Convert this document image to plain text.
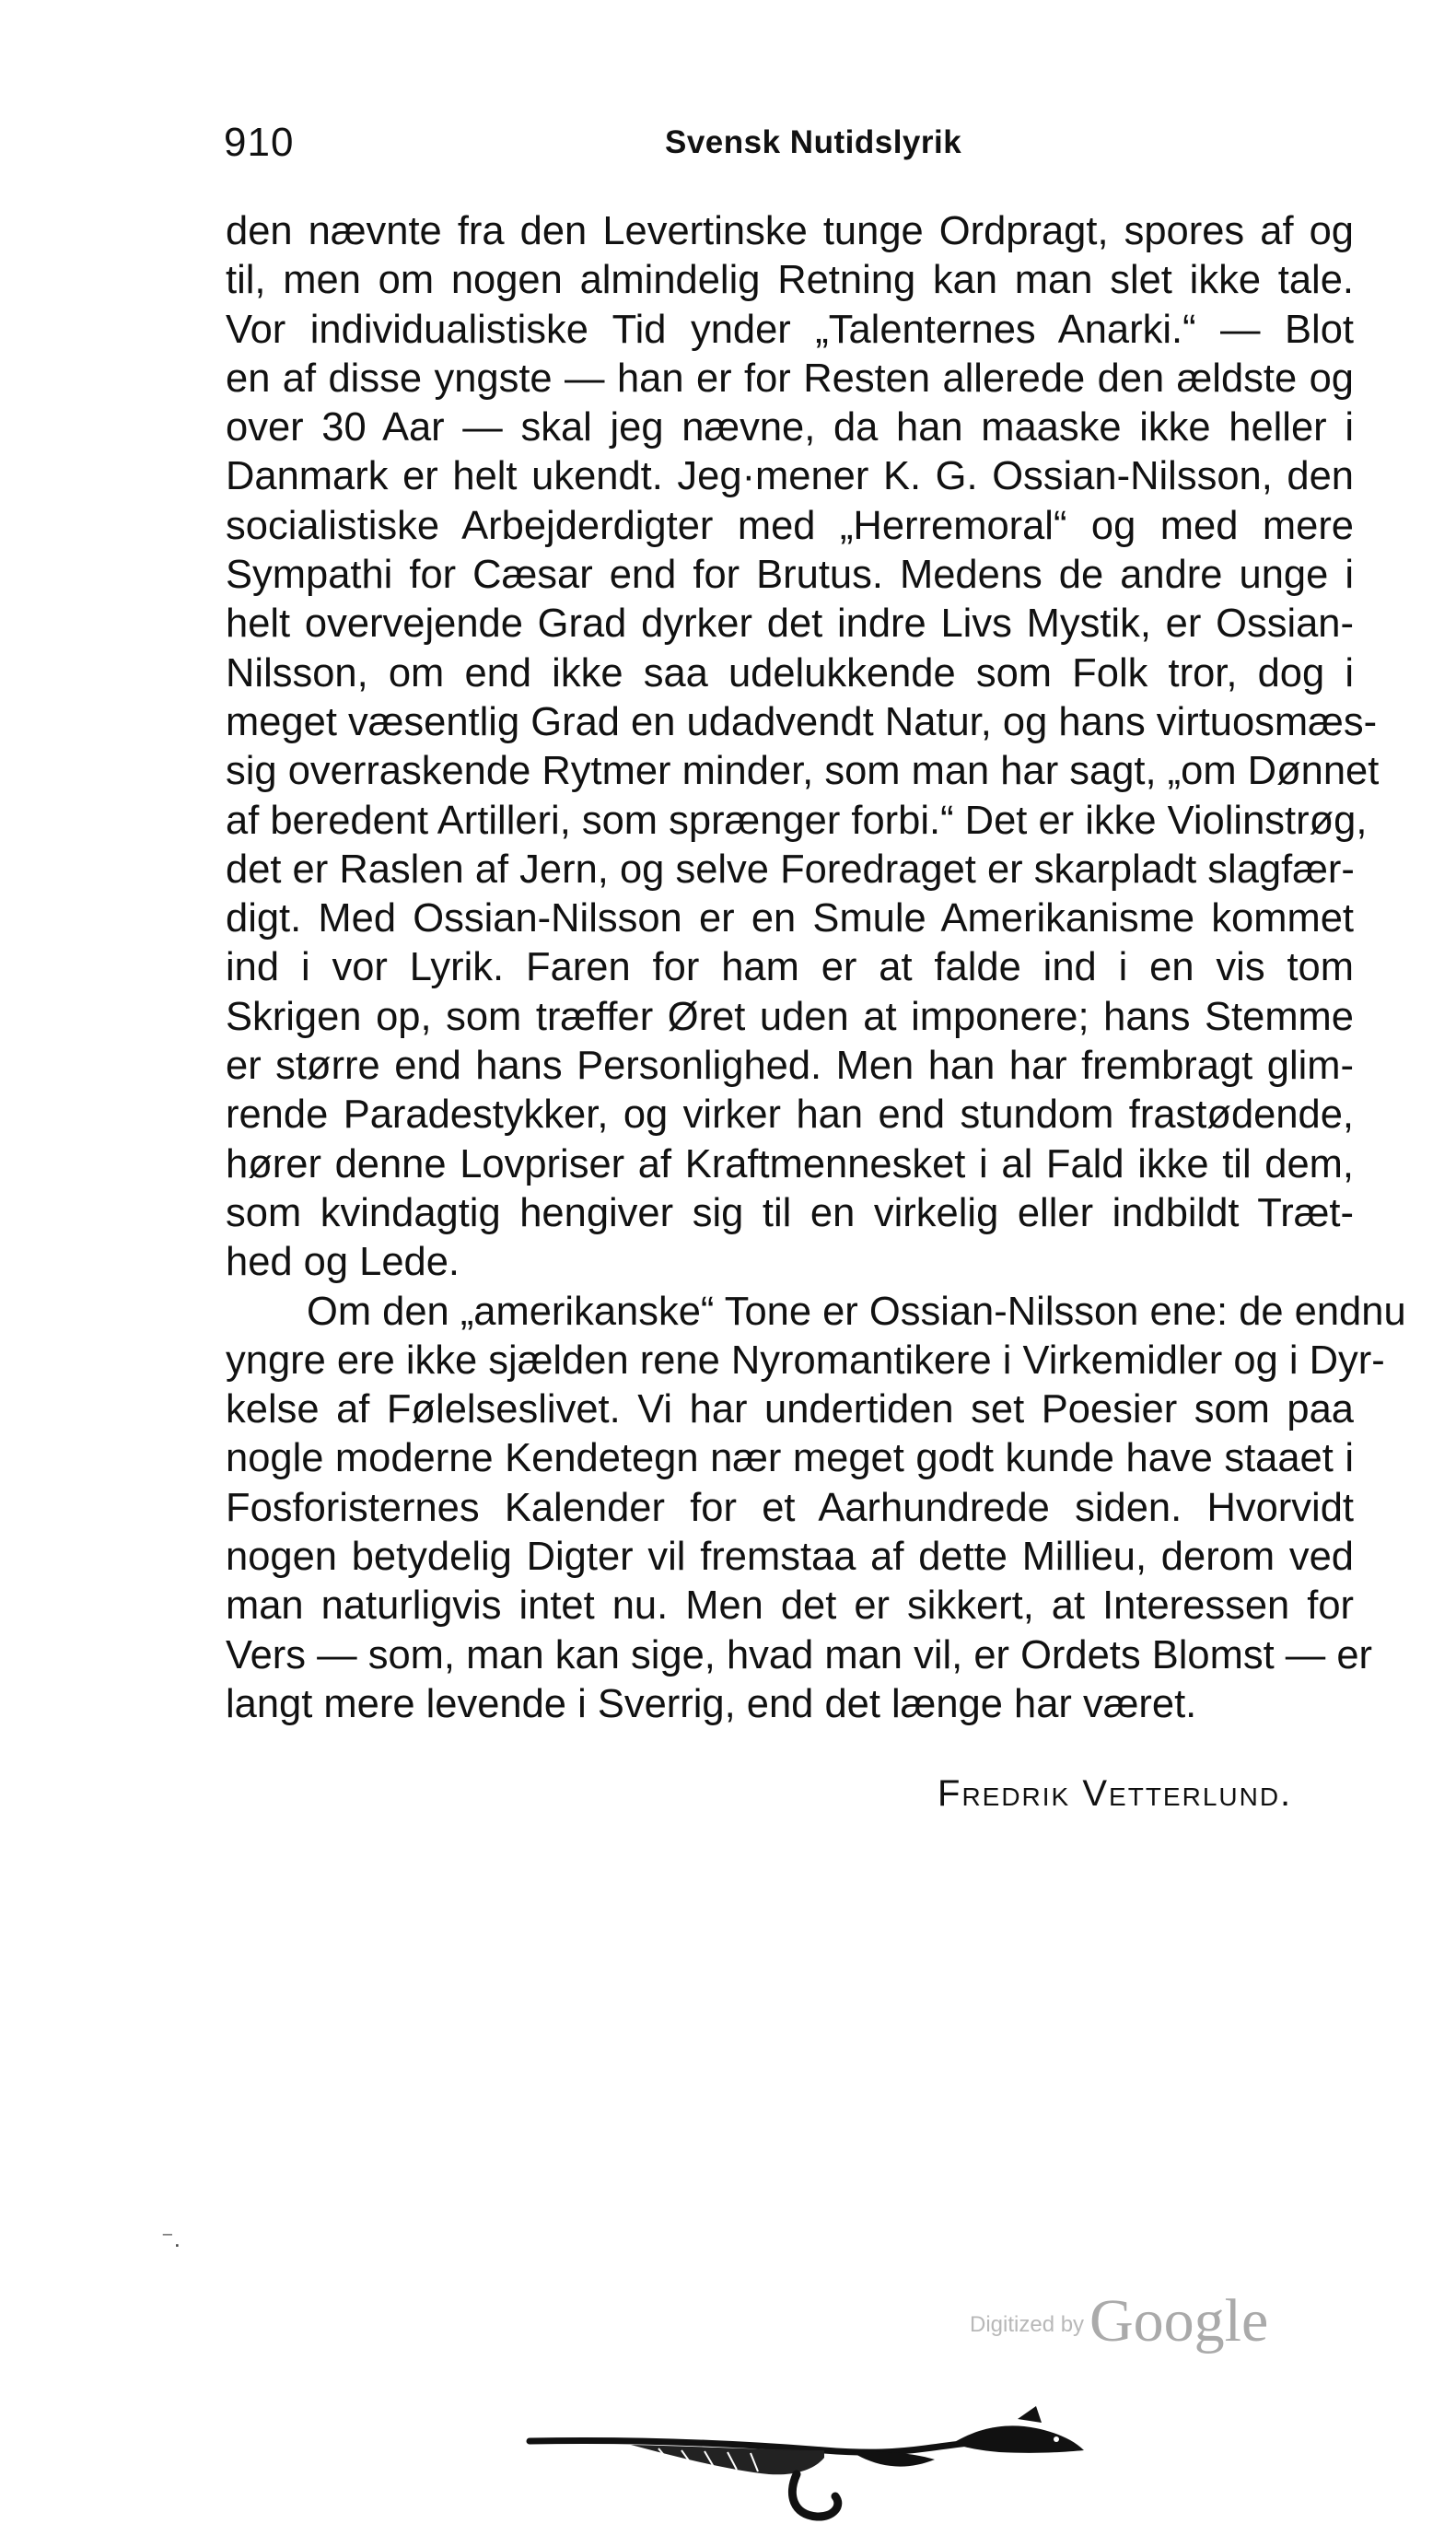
910	Svensk Nutidslyrik
den nævnte fra den Levertinske tunge Ordpragt, spores af og
til, men om nogen almindelig Retning kan man slet ikke tale.
Vor individualistiske Tid ynder „Talenternes Anarki.“ — Blot
en af disse yngste — han er for Resten allerede den ældste og
over 30 Aar — skal jeg nævne, da han maaske ikke heller i
Danmark er helt ukendt. Jeg·mener K. G. Ossian-Nilsson, den
socialistiske Arbejderdigter med „Herremoral“ og med mere
Sympathi for Cæsar end for Brutus. Medens de andre unge i
helt overvejende Grad dyrker det indre Livs Mystik, er Ossian-
Nilsson, om end ikke saa udelukkende som Folk tror, dog i
meget væsentlig Grad en udadvendt Natur, og hans virtuosmæs-
sig overraskende Rytmer minder, som man har sagt, „om Dønnet
af beredent Artilleri, som sprænger forbi.“ Det er ikke Violinstrøg,
det er Raslen af Jern, og selve Foredraget er skarpladt slagfær-
digt. Med Ossian-Nilsson er en Smule Amerikanisme kommet
ind i vor Lyrik. Faren for ham er at falde ind i en vis tom
Skrigen op, som træffer Øret uden at imponere; hans Stemme
er større end hans Personlighed. Men han har frembragt glim-
rende Paradestykker, og virker han end stundom frastødende,
hører denne Lovpriser af Kraftmennesket i al Fald ikke til dem,
som kvindagtig hengiver sig til en virkelig eller indbildt Træt-
hed og Lede.
Om den „amerikanske“ Tone er Ossian-Nilsson ene: de endnu
yngre ere ikke sjælden rene Nyromantikere i Virkemidler og i Dyr-
kelse af Følelseslivet. Vi har undertiden set Poesier som paa
nogle moderne Kendetegn nær meget godt kunde have staaet i
Fosforisternes Kalender for et Aarhundrede siden. Hvorvidt
nogen betydelig Digter vil fremstaa af dette Millieu, derom ved
man naturligvis intet nu. Men det er sikkert, at Interessen for
Vers — som, man kan sige, hvad man vil, er Ordets Blomst — er
langt mere levende i Sverrig, end det længe har været.
Fredrik Vetterlund.
⁻.
Digitized by Google
